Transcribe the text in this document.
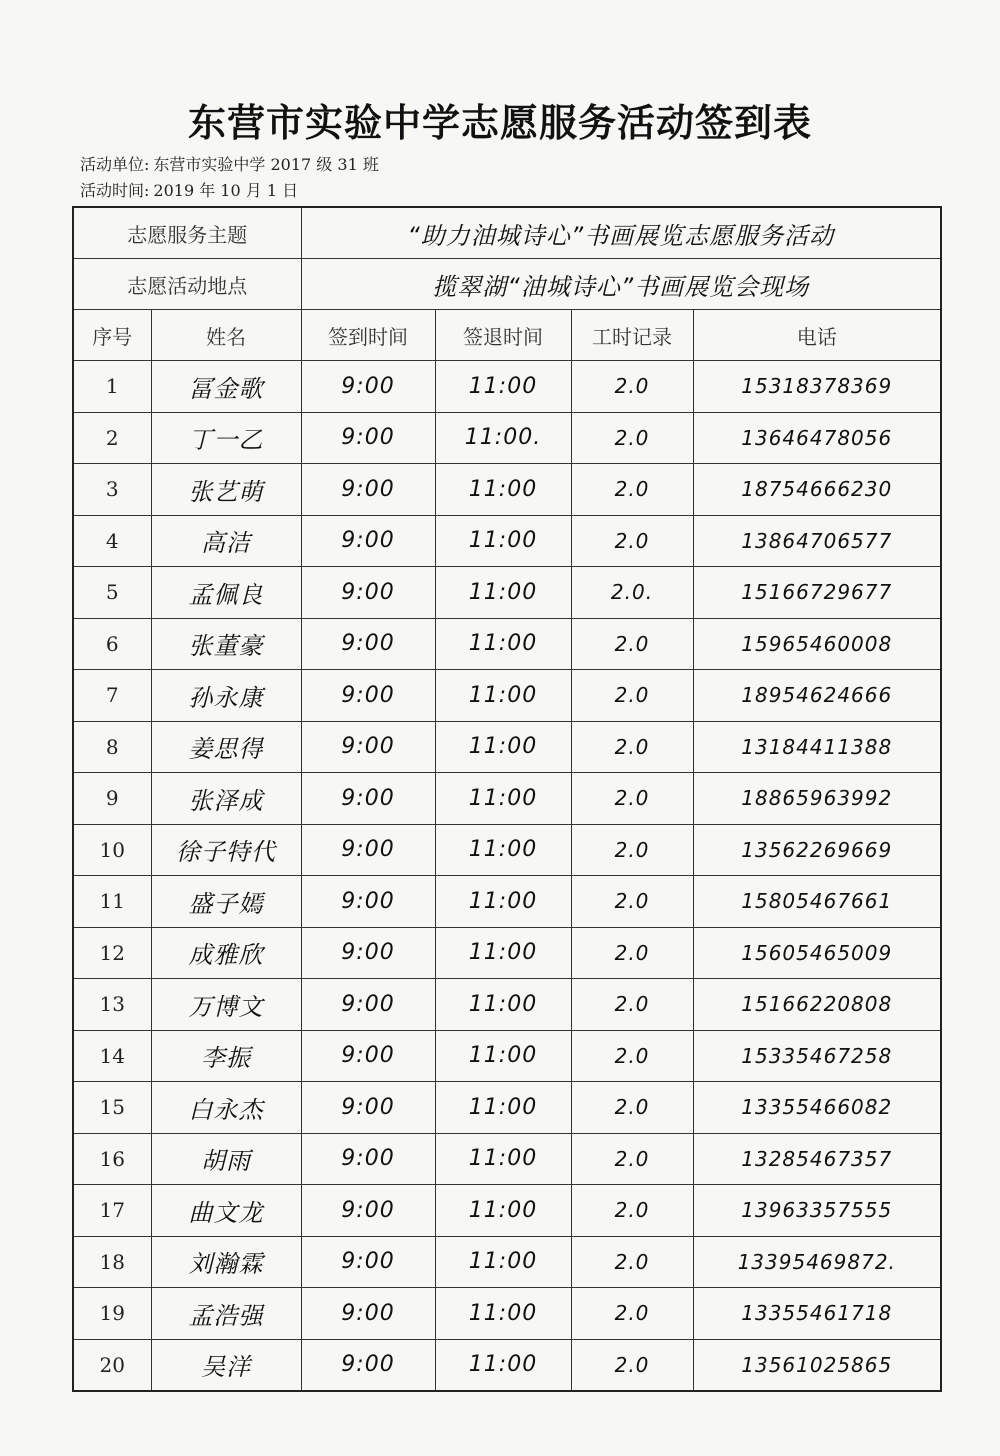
东营市实验中学志愿服务活动签到表
活动单位: 东营市实验中学 2017 级 31 班
活动时间: 2019 年 10 月 1 日
志愿服务主题		“助力油城诗心”书画展览志愿服务活动			
志愿活动地点		揽翠湖“油城诗心”书画展览会现场			
序号	姓名	签到时间	签退时间	工时记录	电话
1	冨金歌	9:00	11:00	2.0	15318378369
2	丁一乙	9:00	11:00.	2.0	13646478056
3	张艺萌	9:00	11:00	2.0	18754666230
4	高洁	9:00	11:00	2.0	13864706577
5	孟佩良	9:00	11:00	2.0.	15166729677
6	张董豪	9:00	11:00	2.0	15965460008
7	孙永康	9:00	11:00	2.0	18954624666
8	姜思得	9:00	11:00	2.0	13184411388
9	张泽成	9:00	11:00	2.0	18865963992
10	徐子特代	9:00	11:00	2.0	13562269669
11	盛子嫣	9:00	11:00	2.0	15805467661
12	成雅欣	9:00	11:00	2.0	15605465009
13	万博文	9:00	11:00	2.0	15166220808
14	李振	9:00	11:00	2.0	15335467258
15	白永杰	9:00	11:00	2.0	13355466082
16	胡雨	9:00	11:00	2.0	13285467357
17	曲文龙	9:00	11:00	2.0	13963357555
18	刘瀚霖	9:00	11:00	2.0	13395469872.
19	孟浩强	9:00	11:00	2.0	13355461718
20	吴洋	9:00	11:00	2.0	13561025865
